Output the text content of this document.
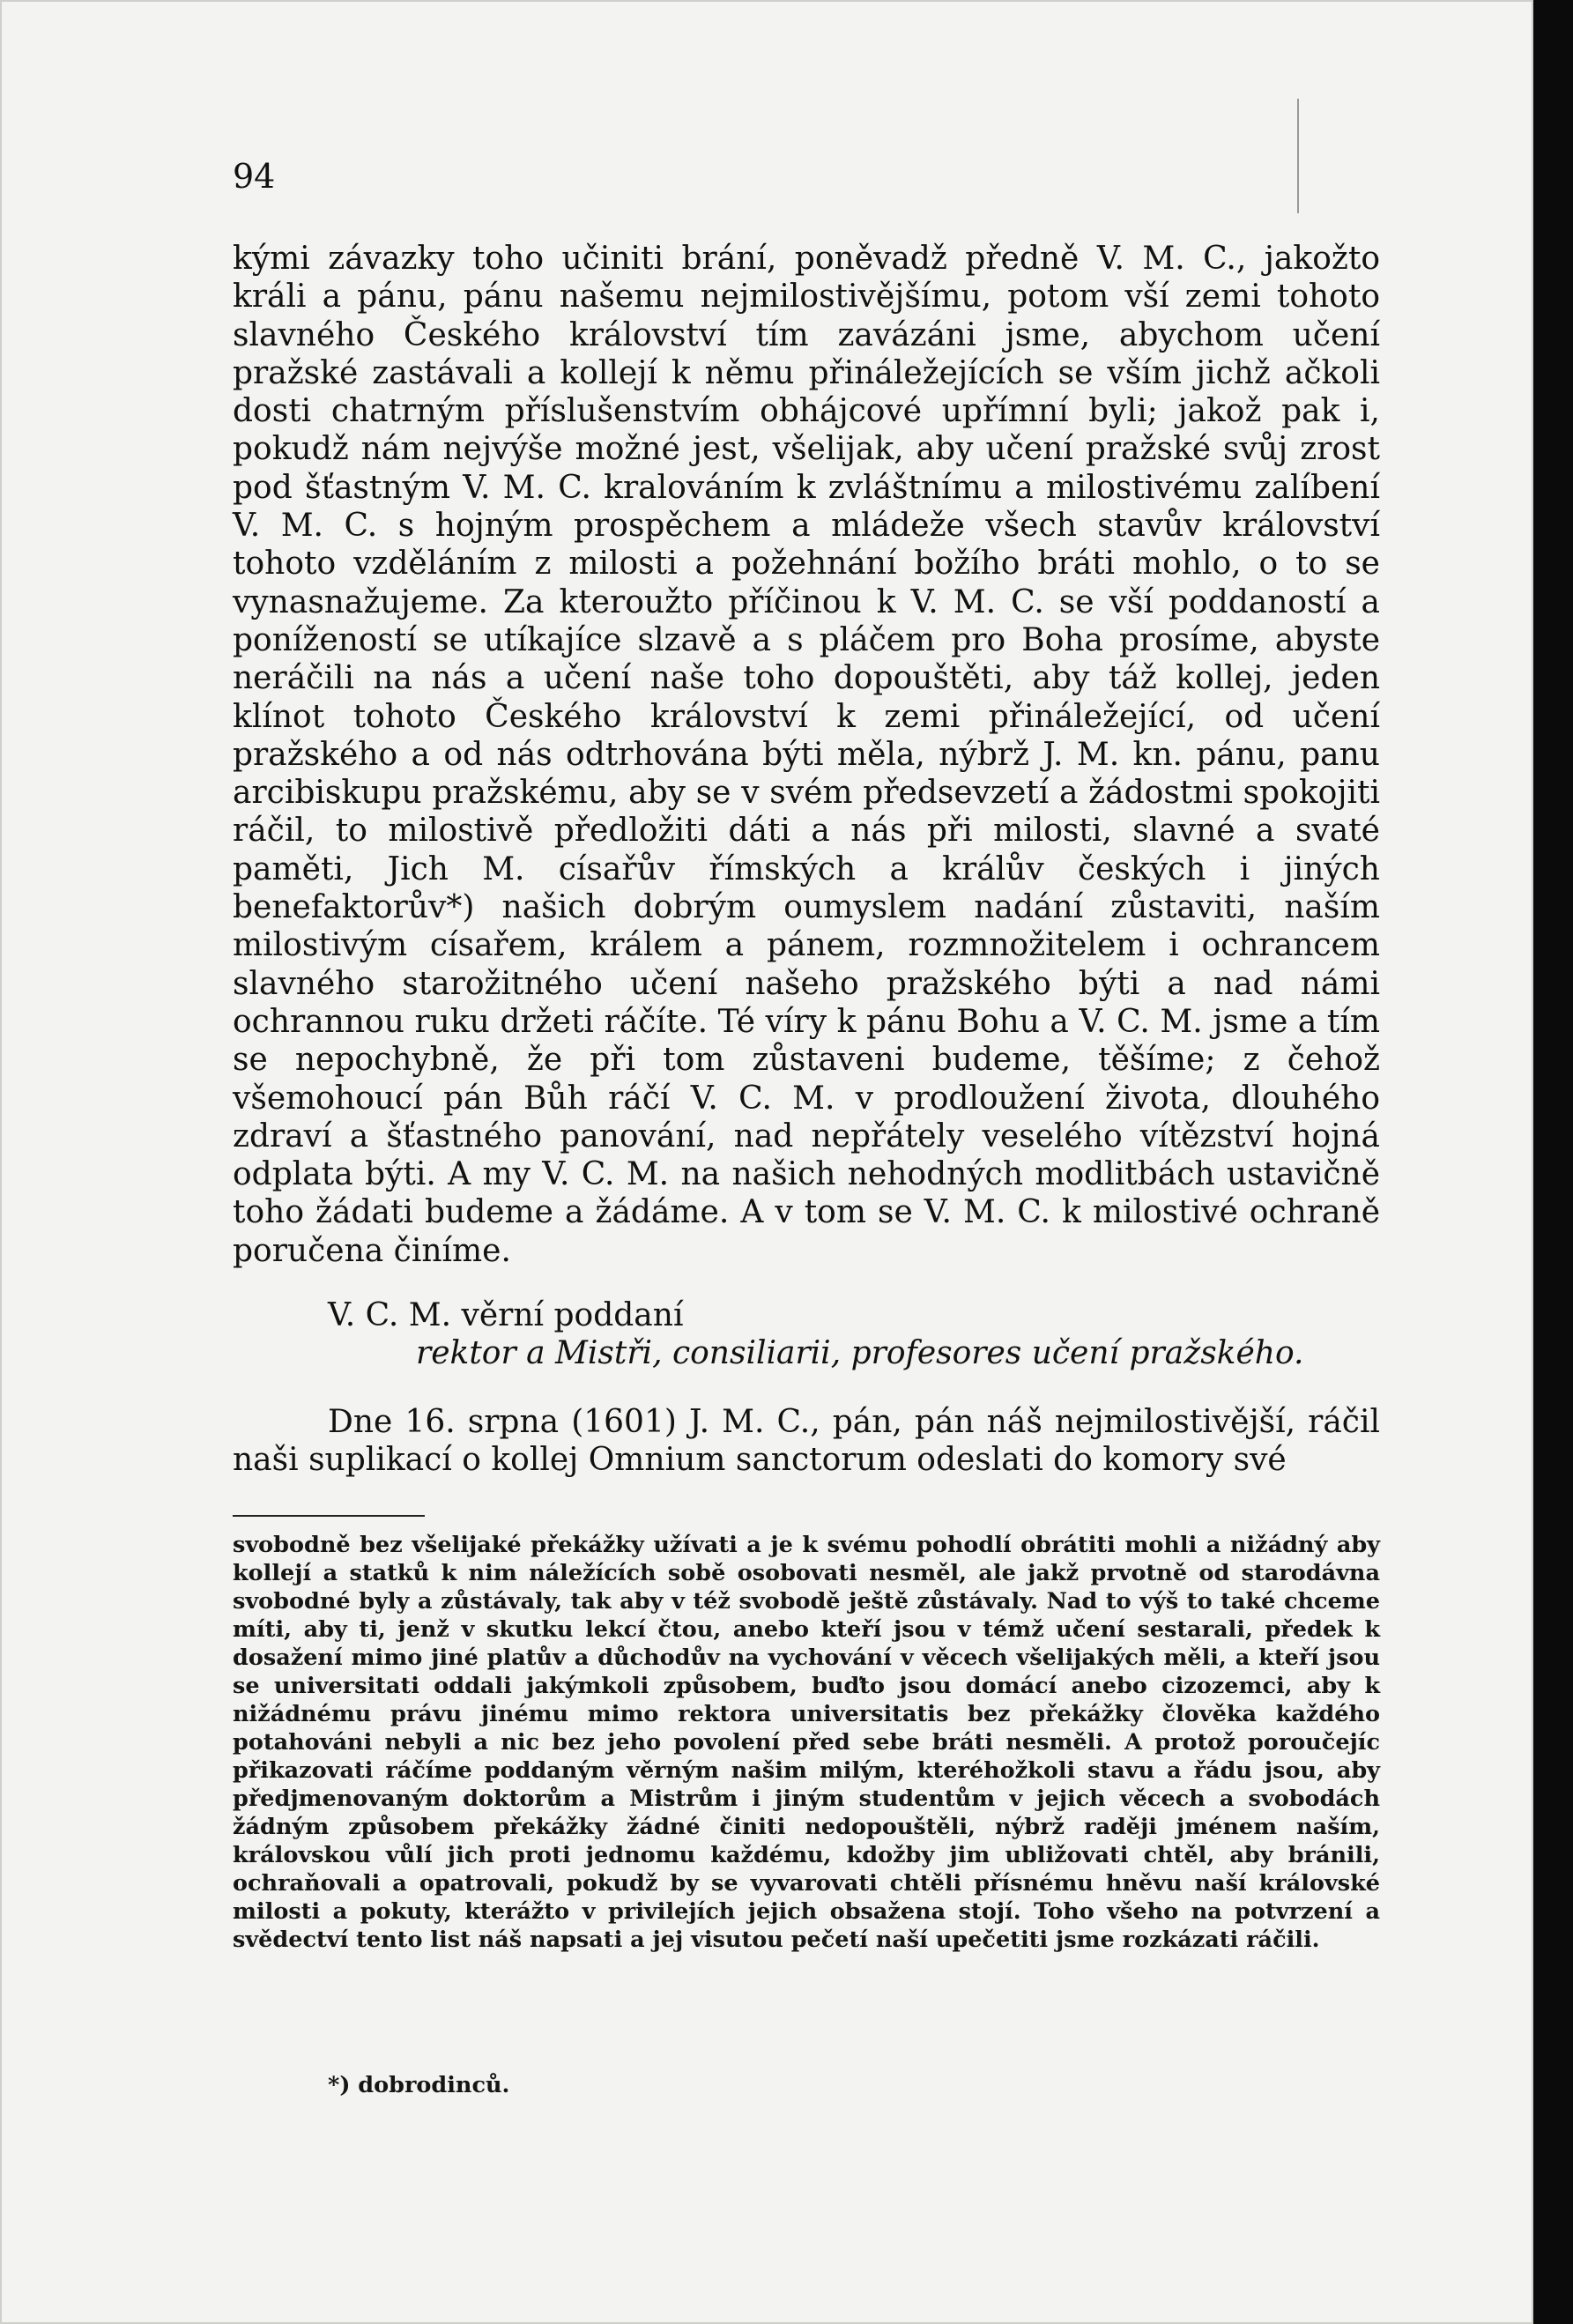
94

kými závazky toho učiniti brání, poněvadž předně V. M. C., jakožto králi a pánu, pánu našemu nejmilostivějšímu, potom vší zemi tohoto slavného Českého království tím zavázáni jsme, abychom učení pražské zastávali a kollejí k němu přináležejících se vším jichž ačkoli dosti chatrným příslušenstvím obhájcové upřímní byli; jakož pak i, pokudž nám nejvýše možné jest, všelijak, aby učení pražské svůj zrost pod šťastným V. M. C. kralováním k zvláštnímu a milostivému zalíbení V. M. C. s hojným prospěchem a mládeže všech stavův království tohoto vzděláním z milosti a požehnání božího bráti mohlo, o to se vynasnažujeme. Za kteroužto příčinou k V. M. C. se vší poddaností a ponížeností se utíkajíce slzavě a s pláčem pro Boha prosíme, abyste neráčili na nás a učení naše toho dopouštěti, aby táž kollej, jeden klínot tohoto Českého království k zemi přináležející, od učení pražského a od nás odtrhována býti měla, nýbrž J. M. kn. pánu, panu arcibiskupu pražskému, aby se v svém předsevzetí a žádostmi spokojiti ráčil, to milostivě předložiti dáti a nás při milosti, slavné a svaté paměti, Jich M. císařův římských a králův českých i jiných benefaktorův*) našich dobrým oumyslem nadání zůstaviti, naším milostivým císařem, králem a pánem, rozmnožitelem i ochrancem slavného starožitného učení našeho pražského býti a nad námi ochrannou ruku držeti ráčíte. Té víry k pánu Bohu a V. C. M. jsme a tím se nepochybně, že při tom zůstaveni budeme, těšíme; z čehož všemohoucí pán Bůh ráčí V. C. M. v prodloužení života, dlouhého zdraví a šťastného panování, nad nepřátely veselého vítězství hojná odplata býti. A my V. C. M. na našich nehodných modlitbách ustavičně toho žádati budeme a žádáme. A v tom se V. M. C. k milostivé ochraně poručena činíme.

V. C. M. věrní poddaní

rektor a Mistři, consiliarii, profesores učení pražského.

Dne 16. srpna (1601) J. M. C., pán, pán náš nejmilostivější, ráčil naši suplikací o kollej Omnium sanctorum odeslati do komory své

svobodně bez všelijaké překážky užívati a je k svému pohodlí obrátiti mohli a nižádný aby kollejí a statků k nim náležících sobě osobovati nesměl, ale jakž prvotně od starodávna svobodné byly a zůstávaly, tak aby v též svobodě ještě zůstávaly. Nad to výš to také chceme míti, aby ti, jenž v skutku lekcí čtou, anebo kteří jsou v témž učení sestarali, předek k dosažení mimo jiné platův a důchodův na vychování v věcech všelijakých měli, a kteří jsou se universitati oddali jakýmkoli způsobem, buďto jsou domácí anebo cizozemci, aby k nižádnému právu jinému mimo rektora universitatis bez překážky člověka každého potahováni nebyli a nic bez jeho povolení před sebe bráti nesměli. A protož poroučejíc přikazovati ráčíme poddaným věrným našim milým, kteréhožkoli stavu a řádu jsou, aby předjmenovaným doktorům a Mistrům i jiným studentům v jejich věcech a svobodách žádným způsobem překážky žádné činiti nedopouštěli, nýbrž raději jménem naším, královskou vůlí jich proti jednomu každému, kdožby jim ubližovati chtěl, aby bránili, ochraňovali a opatrovali, pokudž by se vyvarovati chtěli přísnému hněvu naší královské milosti a pokuty, kterážto v privilejích jejich obsažena stojí. Toho všeho na potvrzení a svědectví tento list náš napsati a jej visutou pečetí naší upečetiti jsme rozkázati ráčili.

*) dobrodinců.
